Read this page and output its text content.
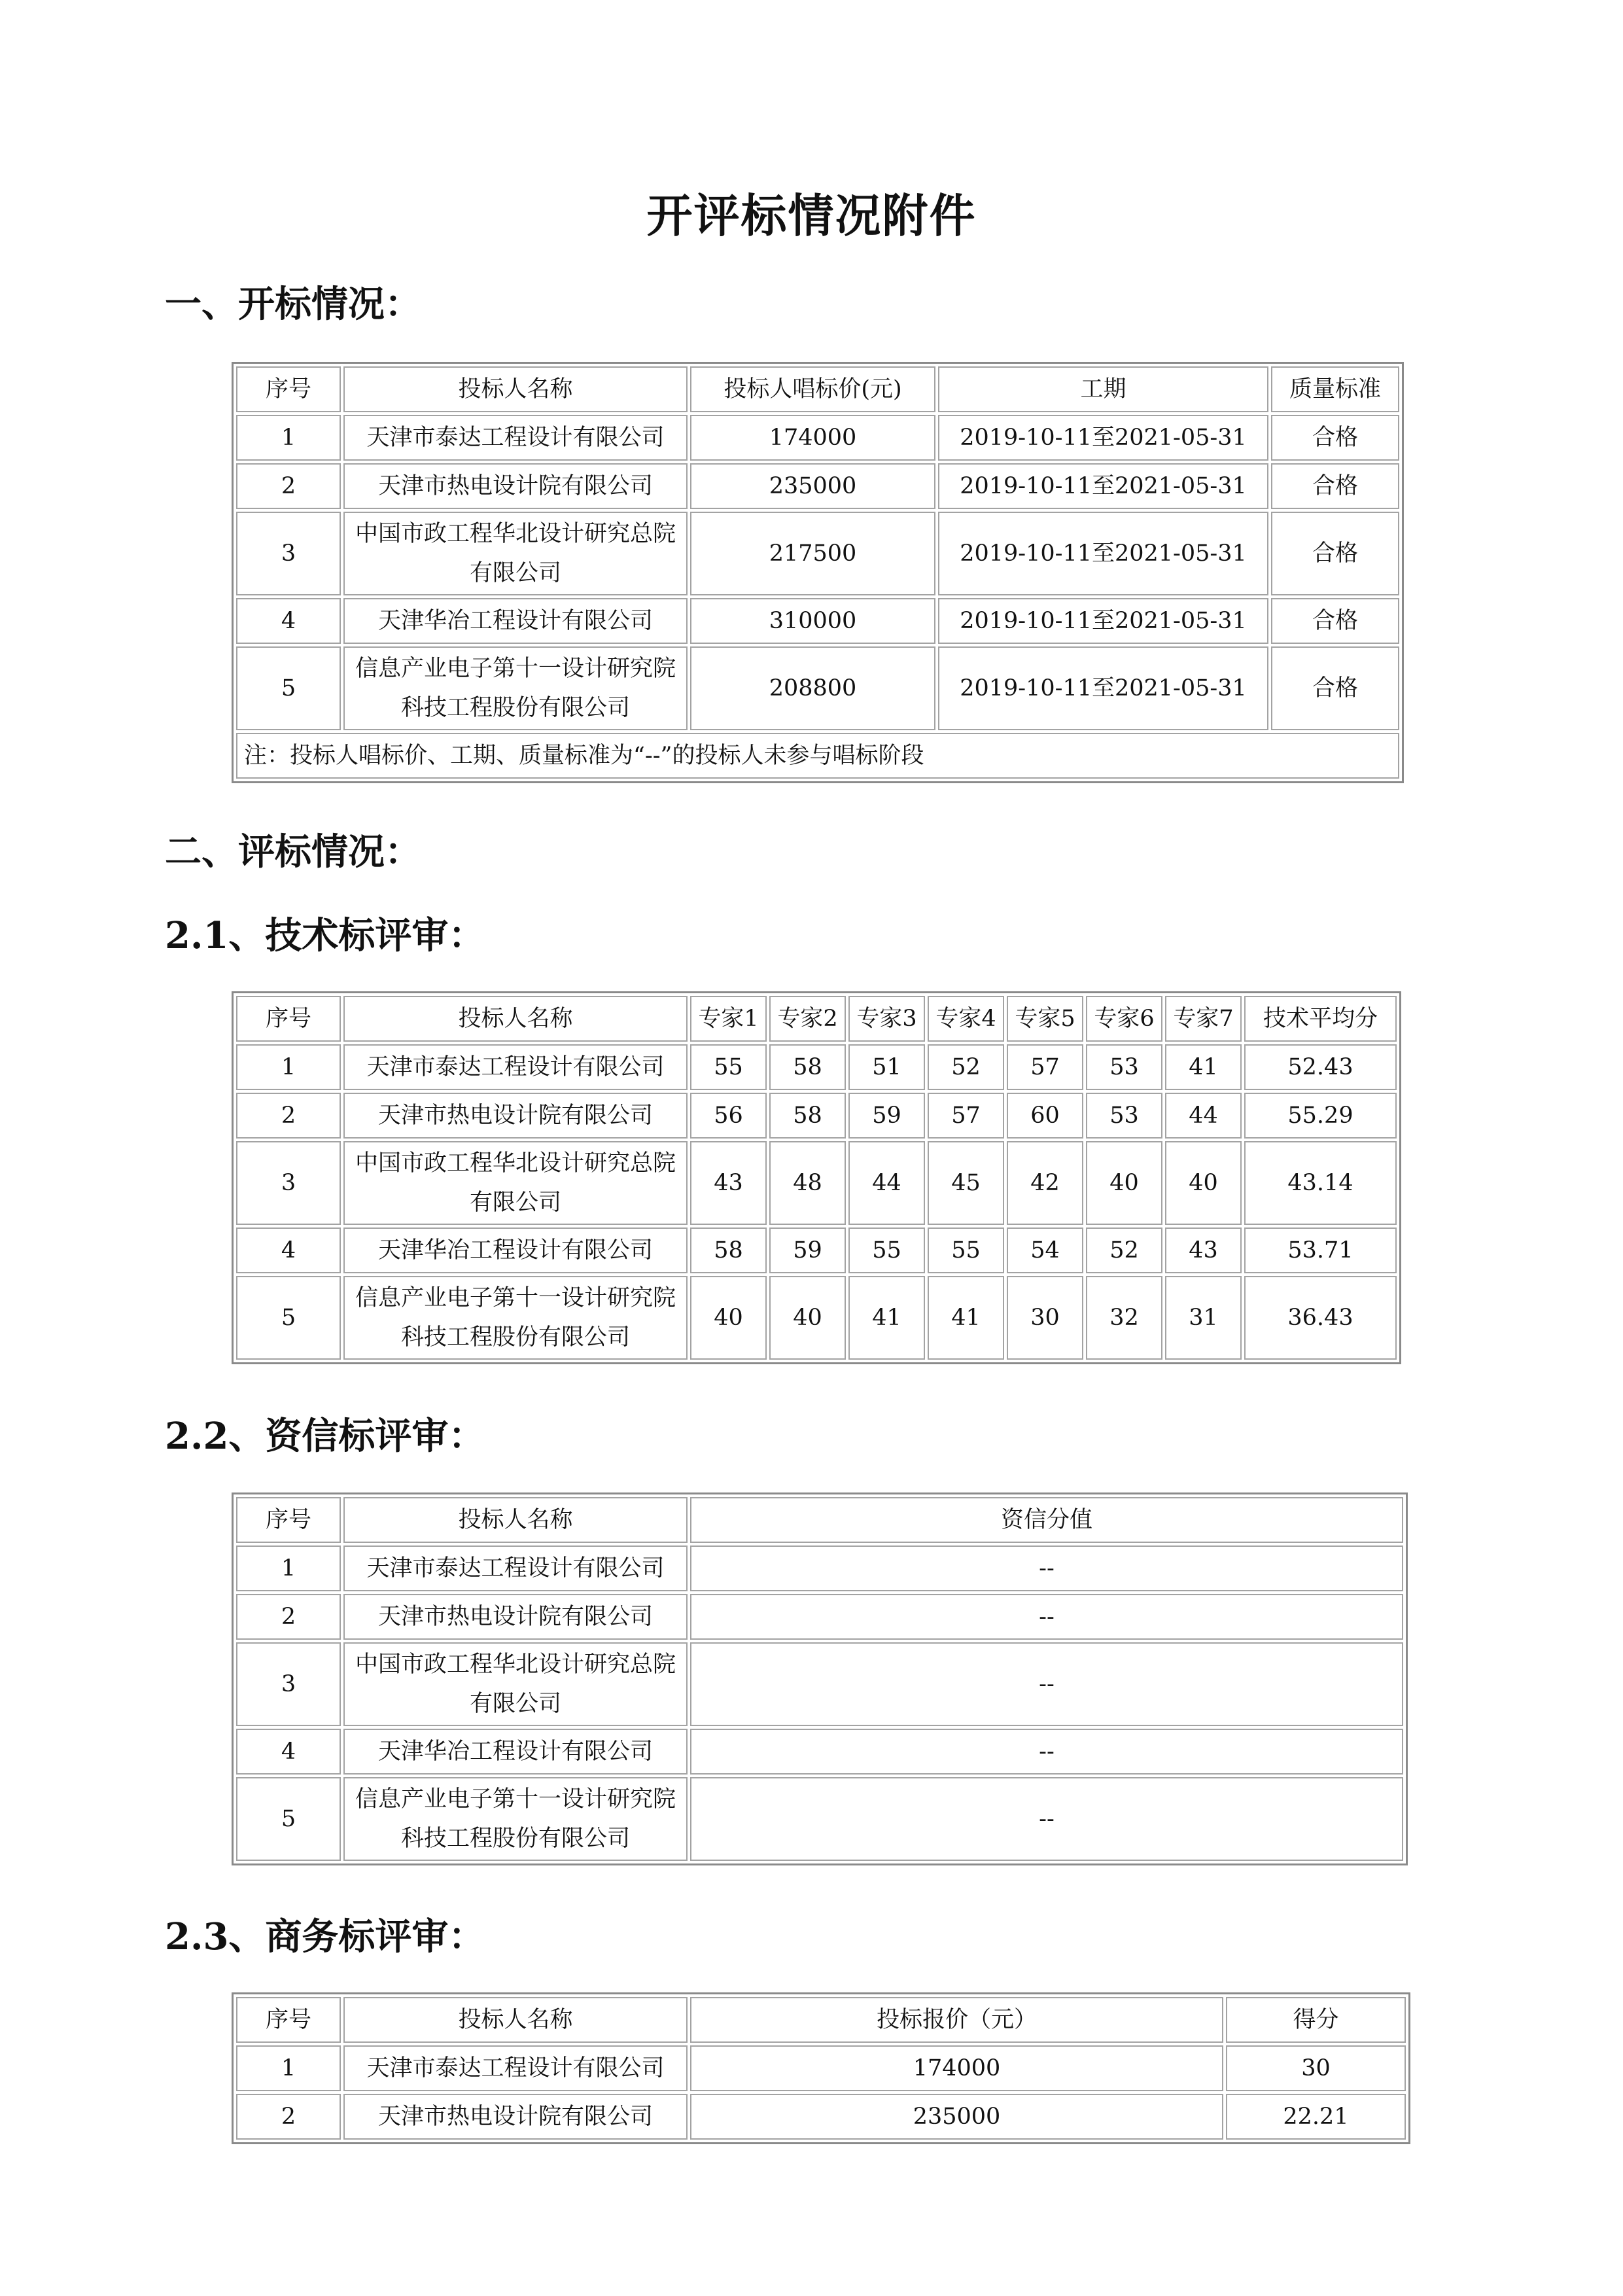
开评标情况附件
一、开标情况：
序号	投标人名称	投标人唱标价(元)	工期	质量标准
1	天津市泰达工程设计有限公司	174000	2019-10-11至2021-05-31	合格
2	天津市热电设计院有限公司	235000	2019-10-11至2021-05-31	合格
3	中国市政工程华北设计研究总院有限公司	217500	2019-10-11至2021-05-31	合格
4	天津华冶工程设计有限公司	310000	2019-10-11至2021-05-31	合格
5	信息产业电子第十一设计研究院科技工程股份有限公司	208800	2019-10-11至2021-05-31	合格
注：投标人唱标价、工期、质量标准为“--”的投标人未参与唱标阶段				
二、评标情况：
2.1、技术标评审：
序号	投标人名称	专家1	专家2	专家3	专家4	专家5	专家6	专家7	技术平均分
1	天津市泰达工程设计有限公司	55	58	51	52	57	53	41	52.43
2	天津市热电设计院有限公司	56	58	59	57	60	53	44	55.29
3	中国市政工程华北设计研究总院有限公司	43	48	44	45	42	40	40	43.14
4	天津华冶工程设计有限公司	58	59	55	55	54	52	43	53.71
5	信息产业电子第十一设计研究院科技工程股份有限公司	40	40	41	41	30	32	31	36.43
2.2、资信标评审：
序号	投标人名称	资信分值
1	天津市泰达工程设计有限公司	--
2	天津市热电设计院有限公司	--
3	中国市政工程华北设计研究总院有限公司	--
4	天津华冶工程设计有限公司	--
5	信息产业电子第十一设计研究院科技工程股份有限公司	--
2.3、商务标评审：
序号	投标人名称	投标报价（元）	得分
1	天津市泰达工程设计有限公司	174000	30
2	天津市热电设计院有限公司	235000	22.21
